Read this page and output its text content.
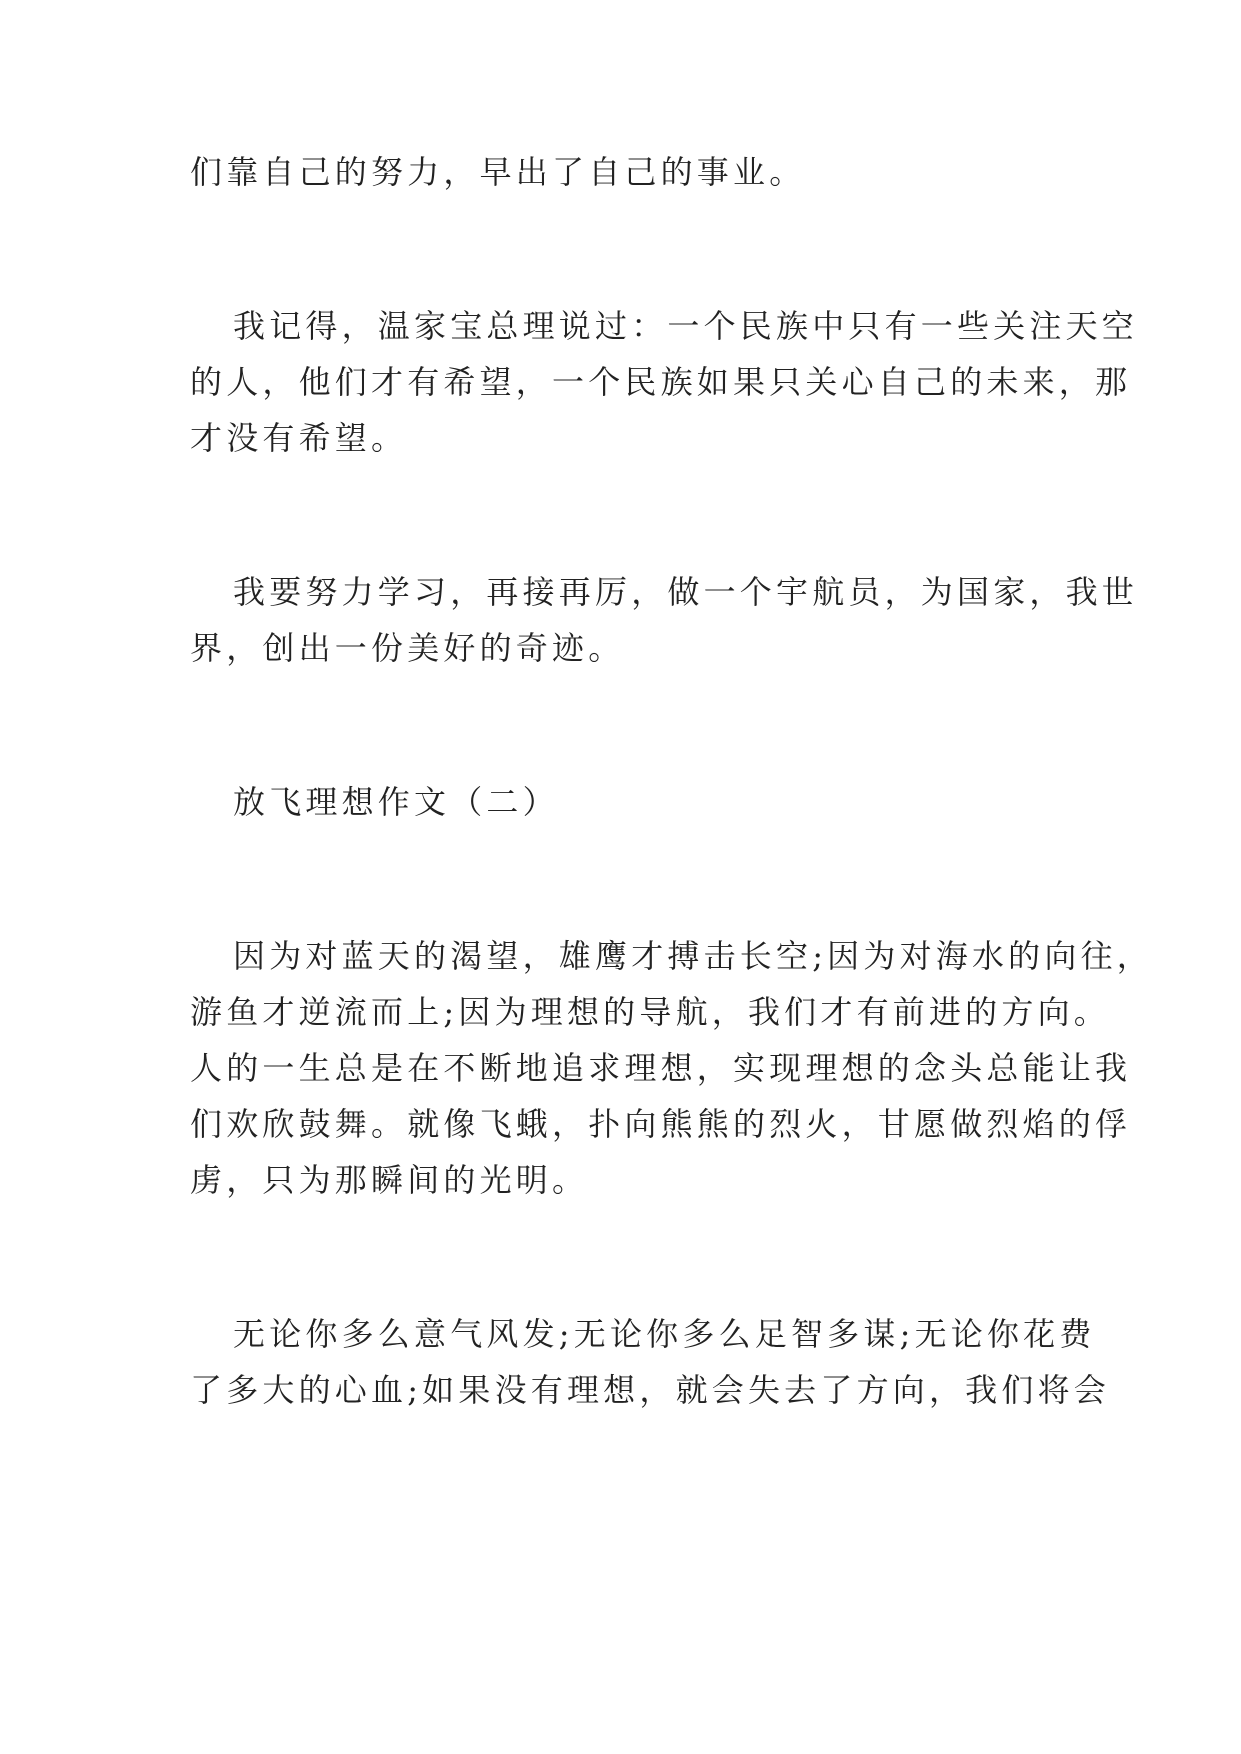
们靠自己的努力，早出了自己的事业。
我记得，温家宝总理说过：一个民族中只有一些关注天空
的人，他们才有希望，一个民族如果只关心自己的未来，那
才没有希望。
我要努力学习，再接再厉，做一个宇航员，为国家，我世
界，创出一份美好的奇迹。
放飞理想作文（二）
因为对蓝天的渴望，雄鹰才搏击长空;因为对海水的向往，
游鱼才逆流而上;因为理想的导航，我们才有前进的方向。
人的一生总是在不断地追求理想，实现理想的念头总能让我
们欢欣鼓舞。就像飞蛾，扑向熊熊的烈火，甘愿做烈焰的俘
虏，只为那瞬间的光明。
无论你多么意气风发;无论你多么足智多谋;无论你花费
了多大的心血;如果没有理想，就会失去了方向，我们将会
